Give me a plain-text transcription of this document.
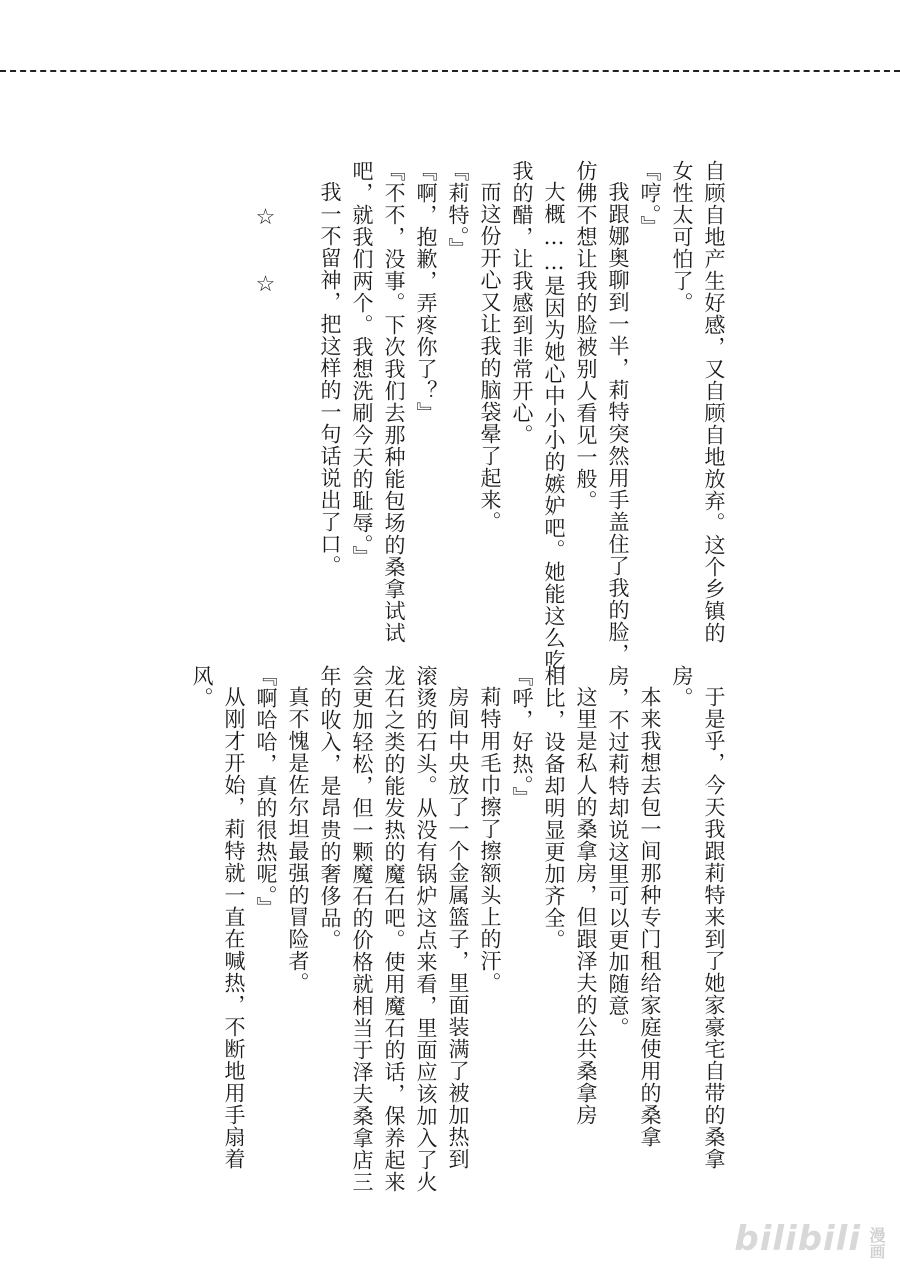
自顾自地产生好感，又自顾自地放弃。这个乡镇的

女性太可怕了。

『哼。』

我跟娜奥聊到一半，莉特突然用手盖住了我的脸，

仿佛不想让我的脸被别人看见一般。

大概……是因为她心中小小的嫉妒吧。她能这么吃

我的醋，让我感到非常开心。

而这份开心又让我的脑袋晕了起来。

『莉特。』

『啊，抱歉，弄疼你了？』

『不不，没事。下次我们去那种能包场的桑拿试试

吧，就我们两个。我想洗刷今天的耻辱。』

我一不留神，把这样的一句话说出了口。

☆　☆

于是乎，今天我跟莉特来到了她家豪宅自带的桑拿

房。

本来我想去包一间那种专门租给家庭使用的桑拿

房，不过莉特却说这里可以更加随意。

这里是私人的桑拿房，但跟泽夫的公共桑拿房

相比，设备却明显更加齐全。

『呼，好热。』

莉特用毛巾擦了擦额头上的汗。

房间中央放了一个金属篮子，里面装满了被加热到

滚烫的石头。从没有锅炉这点来看，里面应该加入了火

龙石之类的能发热的魔石吧。使用魔石的话，保养起来

会更加轻松，但一颗魔石的价格就相当于泽夫桑拿店三

年的收入，是昂贵的奢侈品。

真不愧是佐尔坦最强的冒险者。

『啊哈哈，真的很热呢。』

从刚才开始，莉特就一直在喊热，不断地用手扇着

风。

bilibili 漫画
